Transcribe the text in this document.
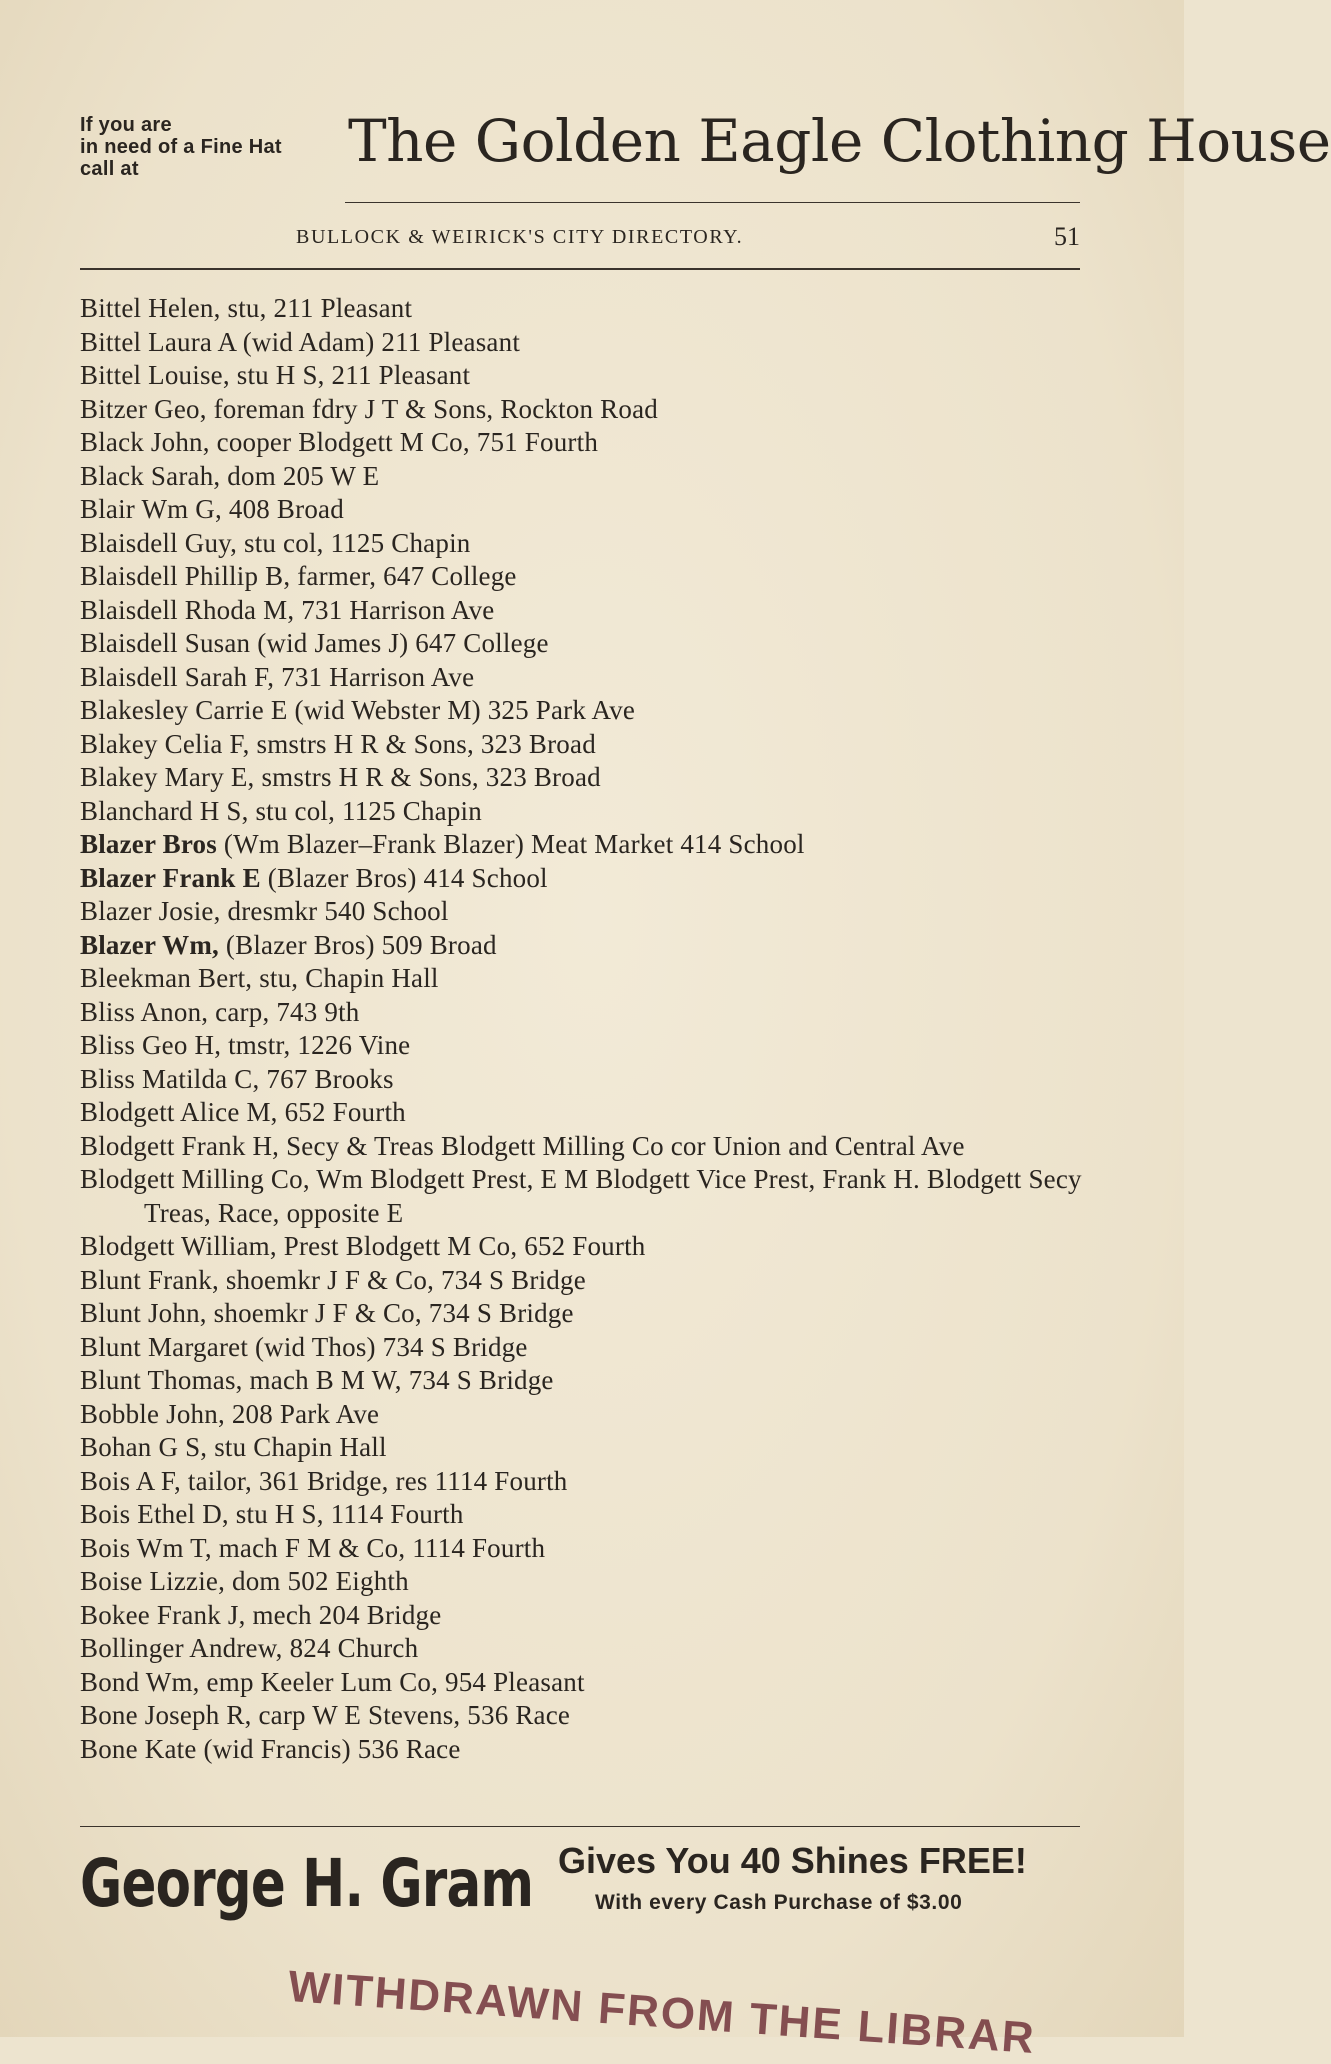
If you are
in need of a Fine Hat
call at	The Golden Eagle Clothing House
BULLOCK & WEIRICK'S CITY DIRECTORY.	51
Bittel Helen, stu, 211 Pleasant
Bittel Laura A (wid Adam) 211 Pleasant
Bittel Louise, stu H S, 211 Pleasant
Bitzer Geo, foreman fdry J T & Sons, Rockton Road
Black John, cooper Blodgett M Co, 751 Fourth
Black Sarah, dom 205 W E
Blair Wm G, 408 Broad
Blaisdell Guy, stu col, 1125 Chapin
Blaisdell Phillip B, farmer, 647 College
Blaisdell Rhoda M, 731 Harrison Ave
Blaisdell Susan (wid James J) 647 College
Blaisdell Sarah F, 731 Harrison Ave
Blakesley Carrie E (wid Webster M) 325 Park Ave
Blakey Celia F, smstrs H R & Sons, 323 Broad
Blakey Mary E, smstrs H R & Sons, 323 Broad
Blanchard H S, stu col, 1125 Chapin
Blazer Bros (Wm Blazer–Frank Blazer) Meat Market 414 School
Blazer Frank E (Blazer Bros) 414 School
Blazer Josie, dresmkr 540 School
Blazer Wm, (Blazer Bros) 509 Broad
Bleekman Bert, stu, Chapin Hall
Bliss Anon, carp, 743 9th
Bliss Geo H, tmstr, 1226 Vine
Bliss Matilda C, 767 Brooks
Blodgett Alice M, 652 Fourth
Blodgett Frank H, Secy & Treas Blodgett Milling Co cor Union and Central Ave
Blodgett Milling Co, Wm Blodgett Prest, E M Blodgett Vice Prest, Frank H. Blodgett Secy Treas, Race, opposite E
Blodgett William, Prest Blodgett M Co, 652 Fourth
Blunt Frank, shoemkr J F & Co, 734 S Bridge
Blunt John, shoemkr J F & Co, 734 S Bridge
Blunt Margaret (wid Thos) 734 S Bridge
Blunt Thomas, mach B M W, 734 S Bridge
Bobble John, 208 Park Ave
Bohan G S, stu Chapin Hall
Bois A F, tailor, 361 Bridge, res 1114 Fourth
Bois Ethel D, stu H S, 1114 Fourth
Bois Wm T, mach F M & Co, 1114 Fourth
Boise Lizzie, dom 502 Eighth
Bokee Frank J, mech 204 Bridge
Bollinger Andrew, 824 Church
Bond Wm, emp Keeler Lum Co, 954 Pleasant
Bone Joseph R, carp W E Stevens, 536 Race
Bone Kate (wid Francis) 536 Race
George H. Gram Gives You 40 Shines FREE!
With every Cash Purchase of $3.00
WITHDRAWN FROM THE LIBRAR
